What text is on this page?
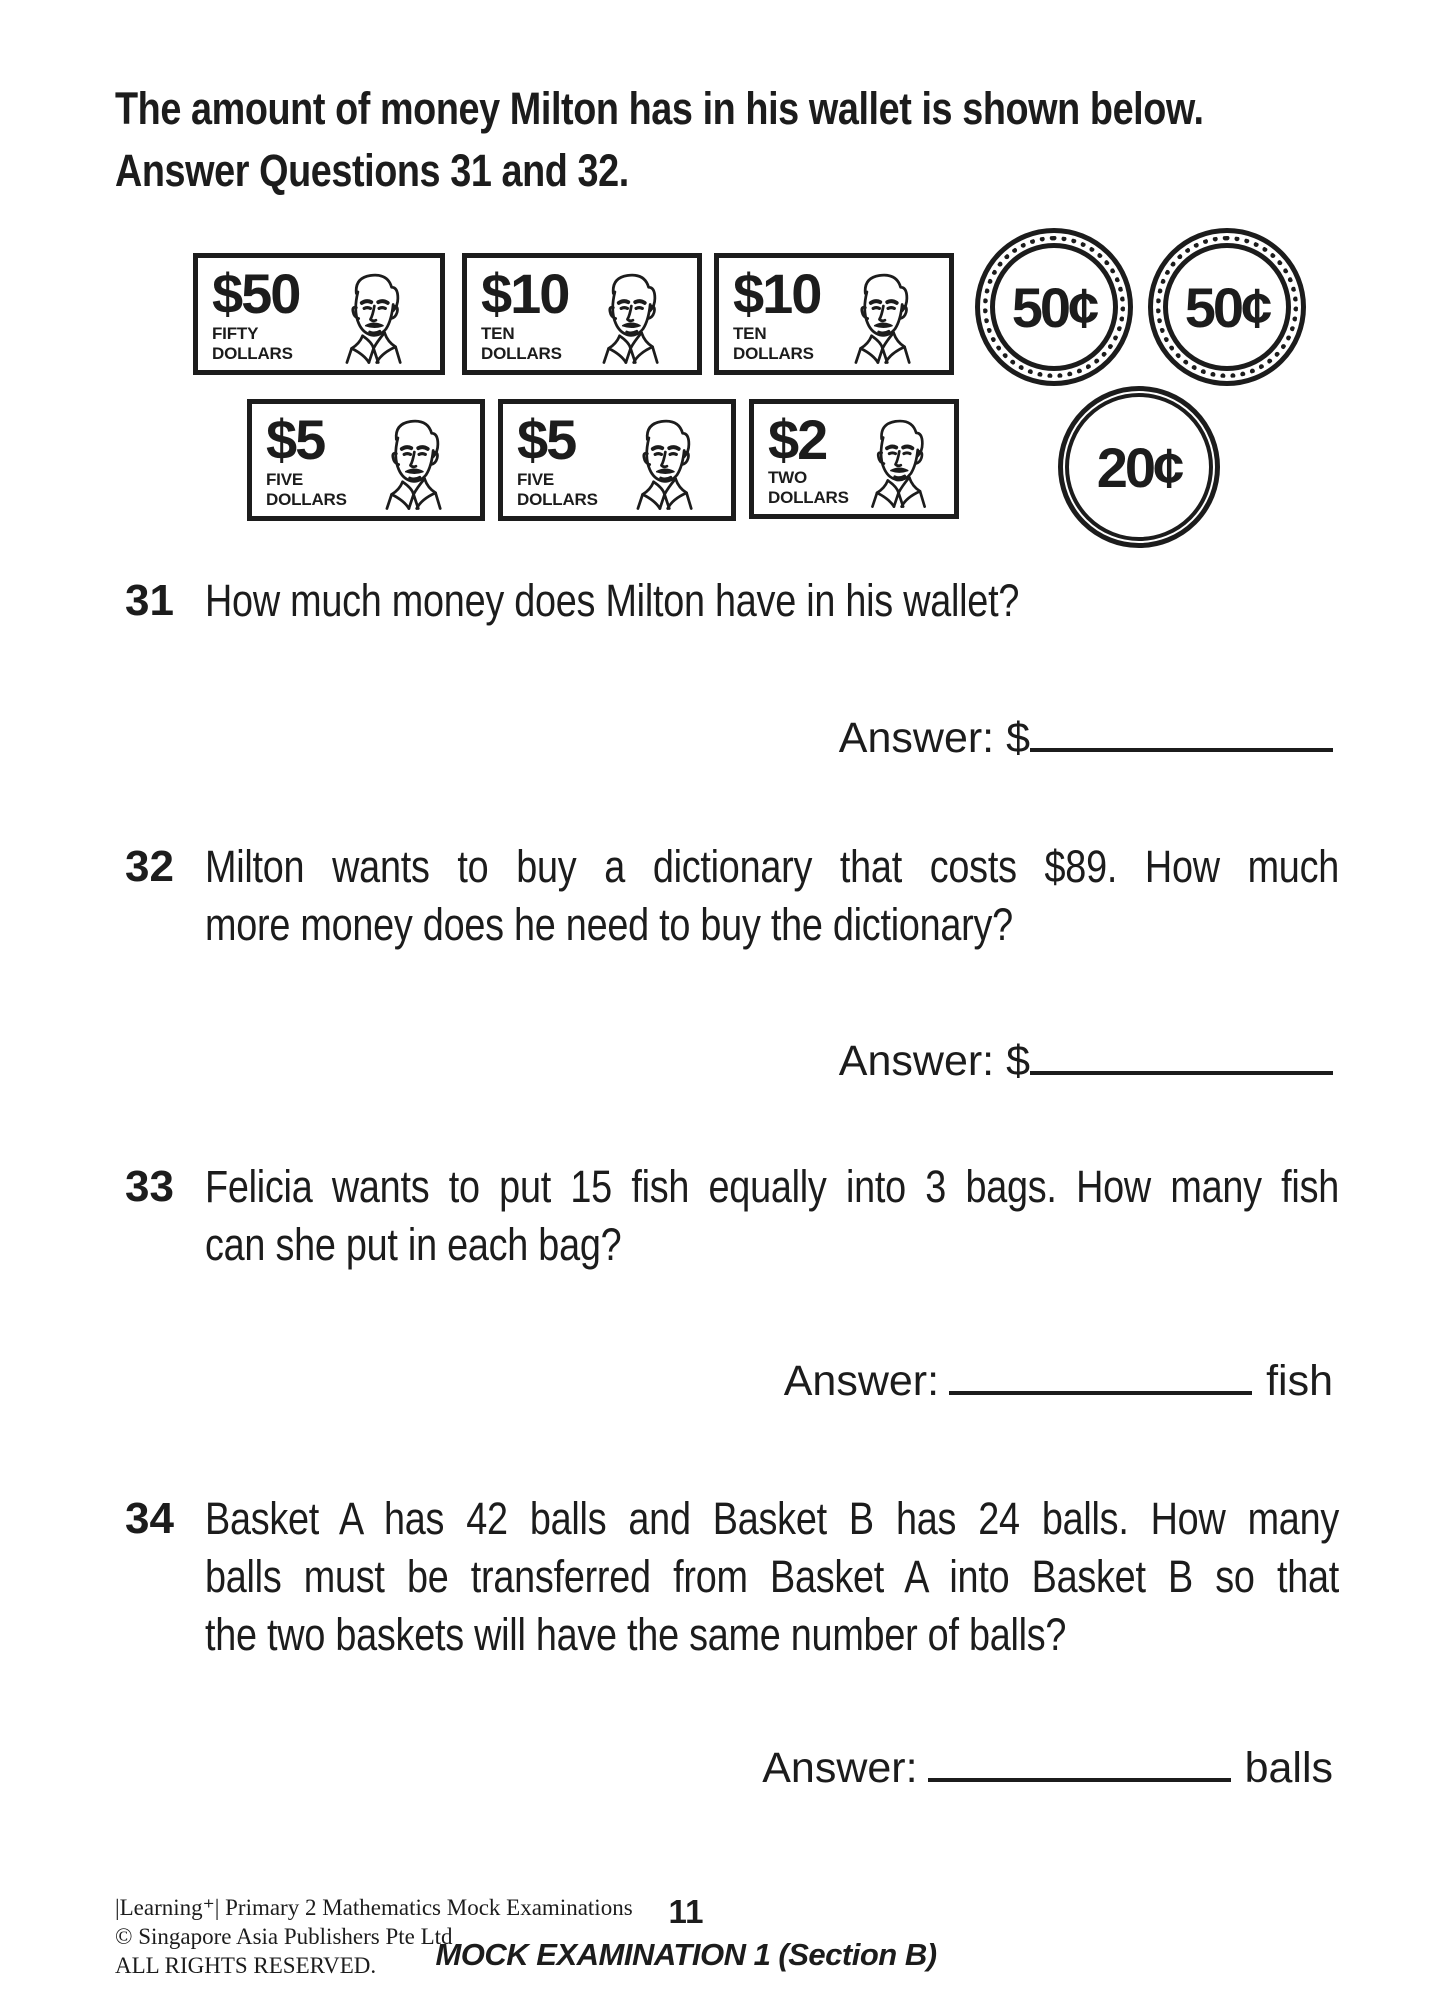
The amount of money Milton has in his wallet is shown below.
Answer Questions 31 and 32.
$50
FIFTY
DOLLARS
$10
TEN
DOLLARS
$10
TEN
DOLLARS
50¢ 50¢
$5
FIVE
DOLLARS
$5
FIVE
DOLLARS
$2
TWO
DOLLARS	20¢
31 How much money does Milton have in his wallet?
Answer: $
32 Milton wants to buy a dictionary that costs $89. How much
more money does he need to buy the dictionary?
Answer: $
33 Felicia wants to put 15 fish equally into 3 bags. How many fish
can she put in each bag?
Answer:	fish
34 Basket A has 42 balls and Basket B has 24 balls. How many
balls must be transferred from Basket A into Basket B so that
the two baskets will have the same number of balls?
Answer:	balls
|Learning⁺| Primary 2 Mathematics Mock Examinations
© Singapore Asia Publishers Pte Ltd
ALL RIGHTS RESERVED.
11
MOCK EXAMINATION 1 (Section B)
